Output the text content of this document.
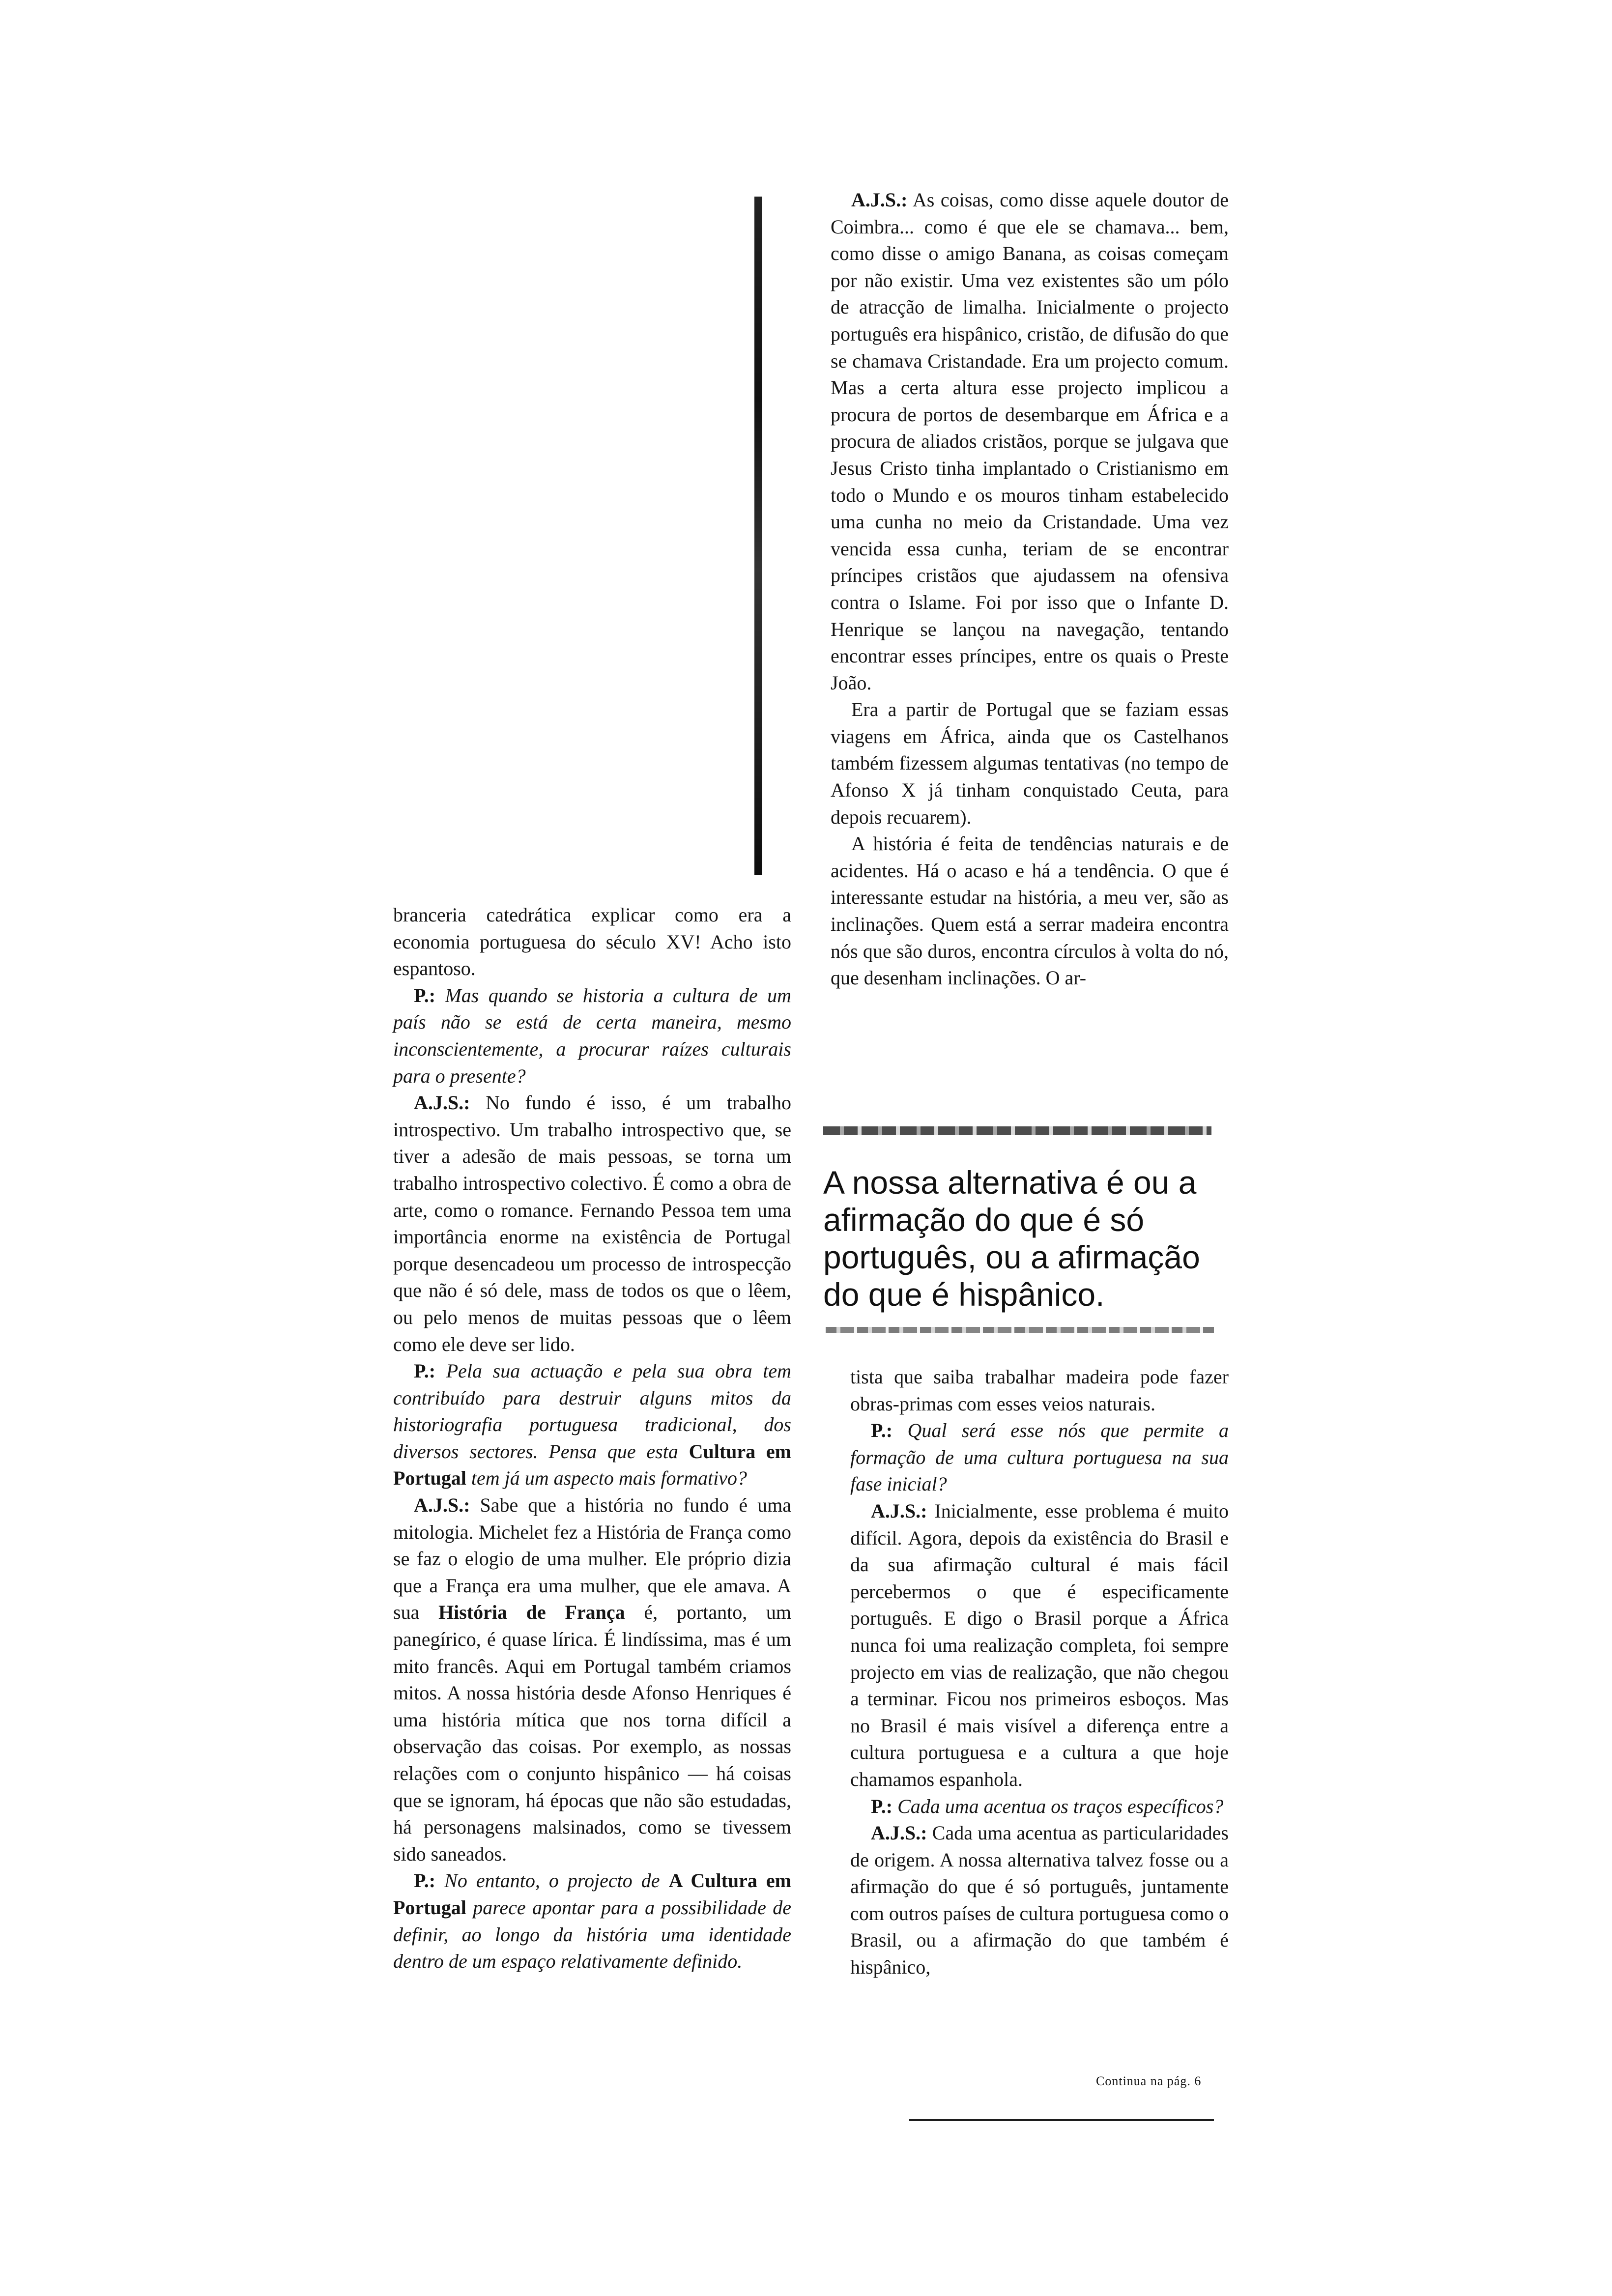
A.J.S.: As coisas, como disse aquele doutor de Coimbra... como é que ele se chamava... bem, como disse o amigo Banana, as coisas começam por não existir. Uma vez existentes são um pólo de atracção de limalha. Inicialmente o projecto português era hispânico, cristão, de difusão do que se chamava Cristandade. Era um projecto comum. Mas a certa altura esse projecto implicou a procura de portos de desembarque em África e a procura de aliados cristãos, porque se julgava que Jesus Cristo tinha implantado o Cristianismo em todo o Mundo e os mouros tinham estabelecido uma cunha no meio da Cristandade. Uma vez vencida essa cunha, teriam de se encontrar príncipes cristãos que ajudassem na ofensiva contra o Islame. Foi por isso que o Infante D. Henrique se lançou na navegação, tentando encontrar esses príncipes, entre os quais o Preste João.

Era a partir de Portugal que se faziam essas viagens em África, ainda que os Castelhanos também fizessem algumas tentativas (no tempo de Afonso X já tinham conquistado Ceuta, para depois recuarem).

A história é feita de tendências naturais e de acidentes. Há o acaso e há a tendência. O que é interessante estudar na história, a meu ver, são as inclinações. Quem está a serrar madeira encontra nós que são duros, encontra círculos à volta do nó, que desenham inclinações. O ar-

A nossa alternativa é ou a afirmação do que é só português, ou a afirmação do que é hispânico.

tista que saiba trabalhar madeira pode fazer obras-primas com esses veios naturais.

P.: Qual será esse nós que permite a formação de uma cultura portuguesa na sua fase inicial?

A.J.S.: Inicialmente, esse problema é muito difícil. Agora, depois da existência do Brasil e da sua afirmação cultural é mais fácil percebermos o que é especificamente português. E digo o Brasil porque a África nunca foi uma realização completa, foi sempre projecto em vias de realização, que não chegou a terminar. Ficou nos primeiros esboços. Mas no Brasil é mais visível a diferença entre a cultura portuguesa e a cultura a que hoje chamamos espanhola.

P.: Cada uma acentua os traços específicos?

A.J.S.: Cada uma acentua as particularidades de origem. A nossa alternativa talvez fosse ou a afirmação do que é só português, juntamente com outros países de cultura portuguesa como o Brasil, ou a afirmação do que também é hispânico,

Continua na pág. 6

branceria catedrática explicar como era a economia portuguesa do século XV! Acho isto espantoso.

P.: Mas quando se historia a cultura de um país não se está de certa maneira, mesmo inconscientemente, a procurar raízes culturais para o presente?

A.J.S.: No fundo é isso, é um trabalho introspectivo. Um trabalho introspectivo que, se tiver a adesão de mais pessoas, se torna um trabalho introspectivo colectivo. É como a obra de arte, como o romance. Fernando Pessoa tem uma importância enorme na existência de Portugal porque desencadeou um processo de introspecção que não é só dele, mass de todos os que o lêem, ou pelo menos de muitas pessoas que o lêem como ele deve ser lido.

P.: Pela sua actuação e pela sua obra tem contribuído para destruir alguns mitos da historiografia portuguesa tradicional, dos diversos sectores. Pensa que esta Cultura em Portugal tem já um aspecto mais formativo?

A.J.S.: Sabe que a história no fundo é uma mitologia. Michelet fez a História de França como se faz o elogio de uma mulher. Ele próprio dizia que a França era uma mulher, que ele amava. A sua História de França é, portanto, um panegírico, é quase lírica. É lindíssima, mas é um mito francês. Aqui em Portugal também criamos mitos. A nossa história desde Afonso Henriques é uma história mítica que nos torna difícil a observação das coisas. Por exemplo, as nossas relações com o conjunto hispânico — há coisas que se ignoram, há épocas que não são estudadas, há personagens malsinados, como se tivessem sido saneados.

P.: No entanto, o projecto de A Cultura em Portugal parece apontar para a possibilidade de definir, ao longo da história uma identidade dentro de um espaço relativamente definido.
